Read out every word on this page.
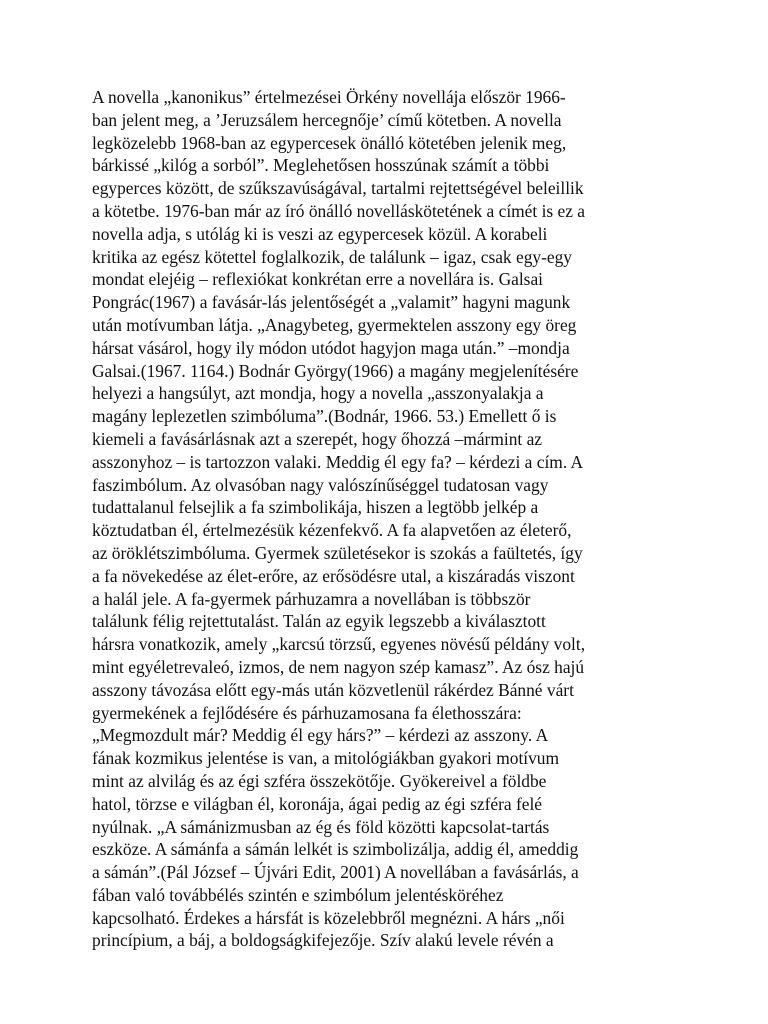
A novella „kanonikus” értelmezései Örkény novellája először 1966-
ban jelent meg, a ’Jeruzsálem hercegnője’ című kötetben. A novella
legközelebb 1968-ban az egypercesek önálló kötetében jelenik meg,
bárkissé „kilóg a sorból”. Meglehetősen hosszúnak számít a többi
egyperces között, de szűkszavúságával, tartalmi rejtettségével beleillik
a kötetbe. 1976-ban már az író önálló novelláskötetének a címét is ez a
novella adja, s utólág ki is veszi az egypercesek közül. A korabeli
kritika az egész kötettel foglalkozik, de találunk – igaz, csak egy-egy
mondat elejéig – reflexiókat konkrétan erre a novellára is. Galsai
Pongrác(1967) a favásár-lás jelentőségét a „valamit” hagyni magunk
után motívumban látja. „Anagybeteg, gyermektelen asszony egy öreg
hársat vásárol, hogy ily módon utódot hagyjon maga után.” –mondja
Galsai.(1967. 1164.) Bodnár György(1966) a magány megjelenítésére
helyezi a hangsúlyt, azt mondja, hogy a novella „asszonyalakja a
magány leplezetlen szimbóluma”.(Bodnár, 1966. 53.) Emellett ő is
kiemeli a favásárlásnak azt a szerepét, hogy őhozzá –mármint az
asszonyhoz – is tartozzon valaki. Meddig él egy fa? – kérdezi a cím. A
faszimbólum. Az olvasóban nagy valószínűséggel tudatosan vagy
tudattalanul felsejlik a fa szimbolikája, hiszen a legtöbb jelkép a
köztudatban él, értelmezésük kézenfekvő. A fa alapvetően az életerő,
az öröklétszimbóluma. Gyermek születésekor is szokás a faültetés, így
a fa növekedése az élet-erőre, az erősödésre utal, a kiszáradás viszont
a halál jele. A fa-gyermek párhuzamra a novellában is többször
találunk félig rejtettutalást. Talán az egyik legszebb a kiválasztott
hársra vonatkozik, amely „karcsú törzsű, egyenes növésű példány volt,
mint egyéletrevaleó, izmos, de nem nagyon szép kamasz”. Az ósz hajú
asszony távozása előtt egy-más után közvetlenül rákérdez Bánné várt
gyermekének a fejlődésére és párhuzamosana fa élethosszára:
„Megmozdult már? Meddig él egy hárs?” – kérdezi az asszony. A
fának kozmikus jelentése is van, a mitológiákban gyakori motívum
mint az alvilág és az égi szféra összekötője. Gyökereivel a földbe
hatol, törzse e világban él, koronája, ágai pedig az égi szféra felé
nyúlnak. „A sámánizmusban az ég és föld közötti kapcsolat-tartás
eszköze. A sámánfa a sámán lelkét is szimbolizálja, addig él, ameddig
a sámán”.(Pál József – Újvári Edit, 2001) A novellában a favásárlás, a
fában való továbbélés szintén e szimbólum jelentésköréhez
kapcsolható. Érdekes a hársfát is közelebbről megnézni. A hárs „női
princípium, a báj, a boldogságkifejezője. Szív alakú levele révén a
